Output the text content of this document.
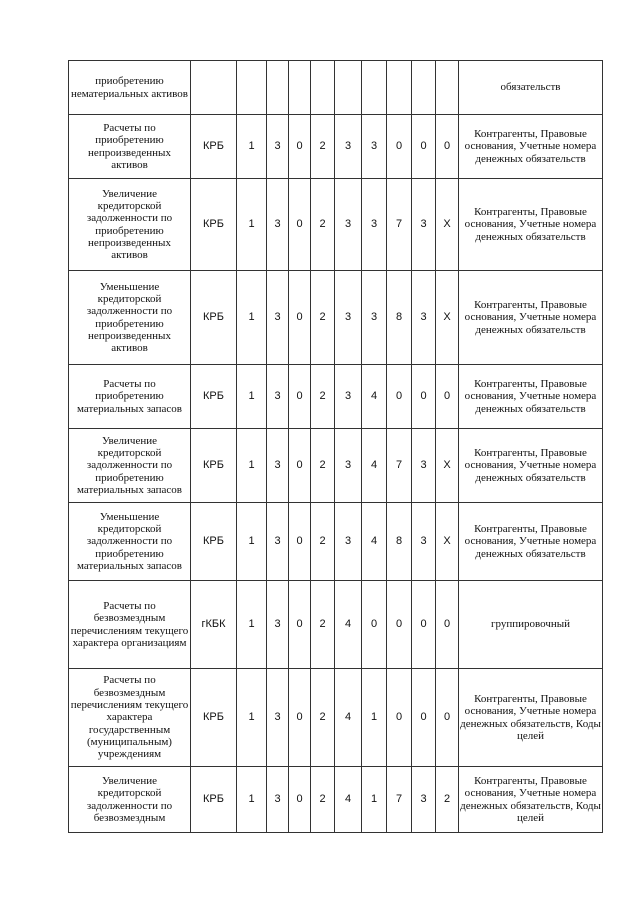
приобретению нематериальных активов											обязательств

Расчеты по приобретению непроизведенных активов	КРБ	1	3	0	2	3	3	0	0	0	Контрагенты, Правовые основания, Учетные номера денежных обязательств

Увеличение кредиторской задолженности по приобретению непроизведенных активов	КРБ	1	3	0	2	3	3	7	3	X	Контрагенты, Правовые основания, Учетные номера денежных обязательств

Уменьшение кредиторской задолженности по приобретению непроизведенных активов	КРБ	1	3	0	2	3	3	8	3	X	Контрагенты, Правовые основания, Учетные номера денежных обязательств

Расчеты по приобретению материальных запасов	КРБ	1	3	0	2	3	4	0	0	0	Контрагенты, Правовые основания, Учетные номера денежных обязательств

Увеличение кредиторской задолженности по приобретению материальных запасов	КРБ	1	3	0	2	3	4	7	3	X	Контрагенты, Правовые основания, Учетные номера денежных обязательств

Уменьшение кредиторской задолженности по приобретению материальных запасов	КРБ	1	3	0	2	3	4	8	3	X	Контрагенты, Правовые основания, Учетные номера денежных обязательств

Расчеты по безвозмездным перечислениям текущего характера организациям	гКБК	1	3	0	2	4	0	0	0	0	группировочный

Расчеты по безвозмездным перечислениям текущего характера государственным (муниципальным) учреждениям	КРБ	1	3	0	2	4	1	0	0	0	Контрагенты, Правовые основания, Учетные номера денежных обязательств, Коды целей

Увеличение кредиторской задолженности по безвозмездным	КРБ	1	3	0	2	4	1	7	3	2	Контрагенты, Правовые основания, Учетные номера денежных обязательств, Коды целей
